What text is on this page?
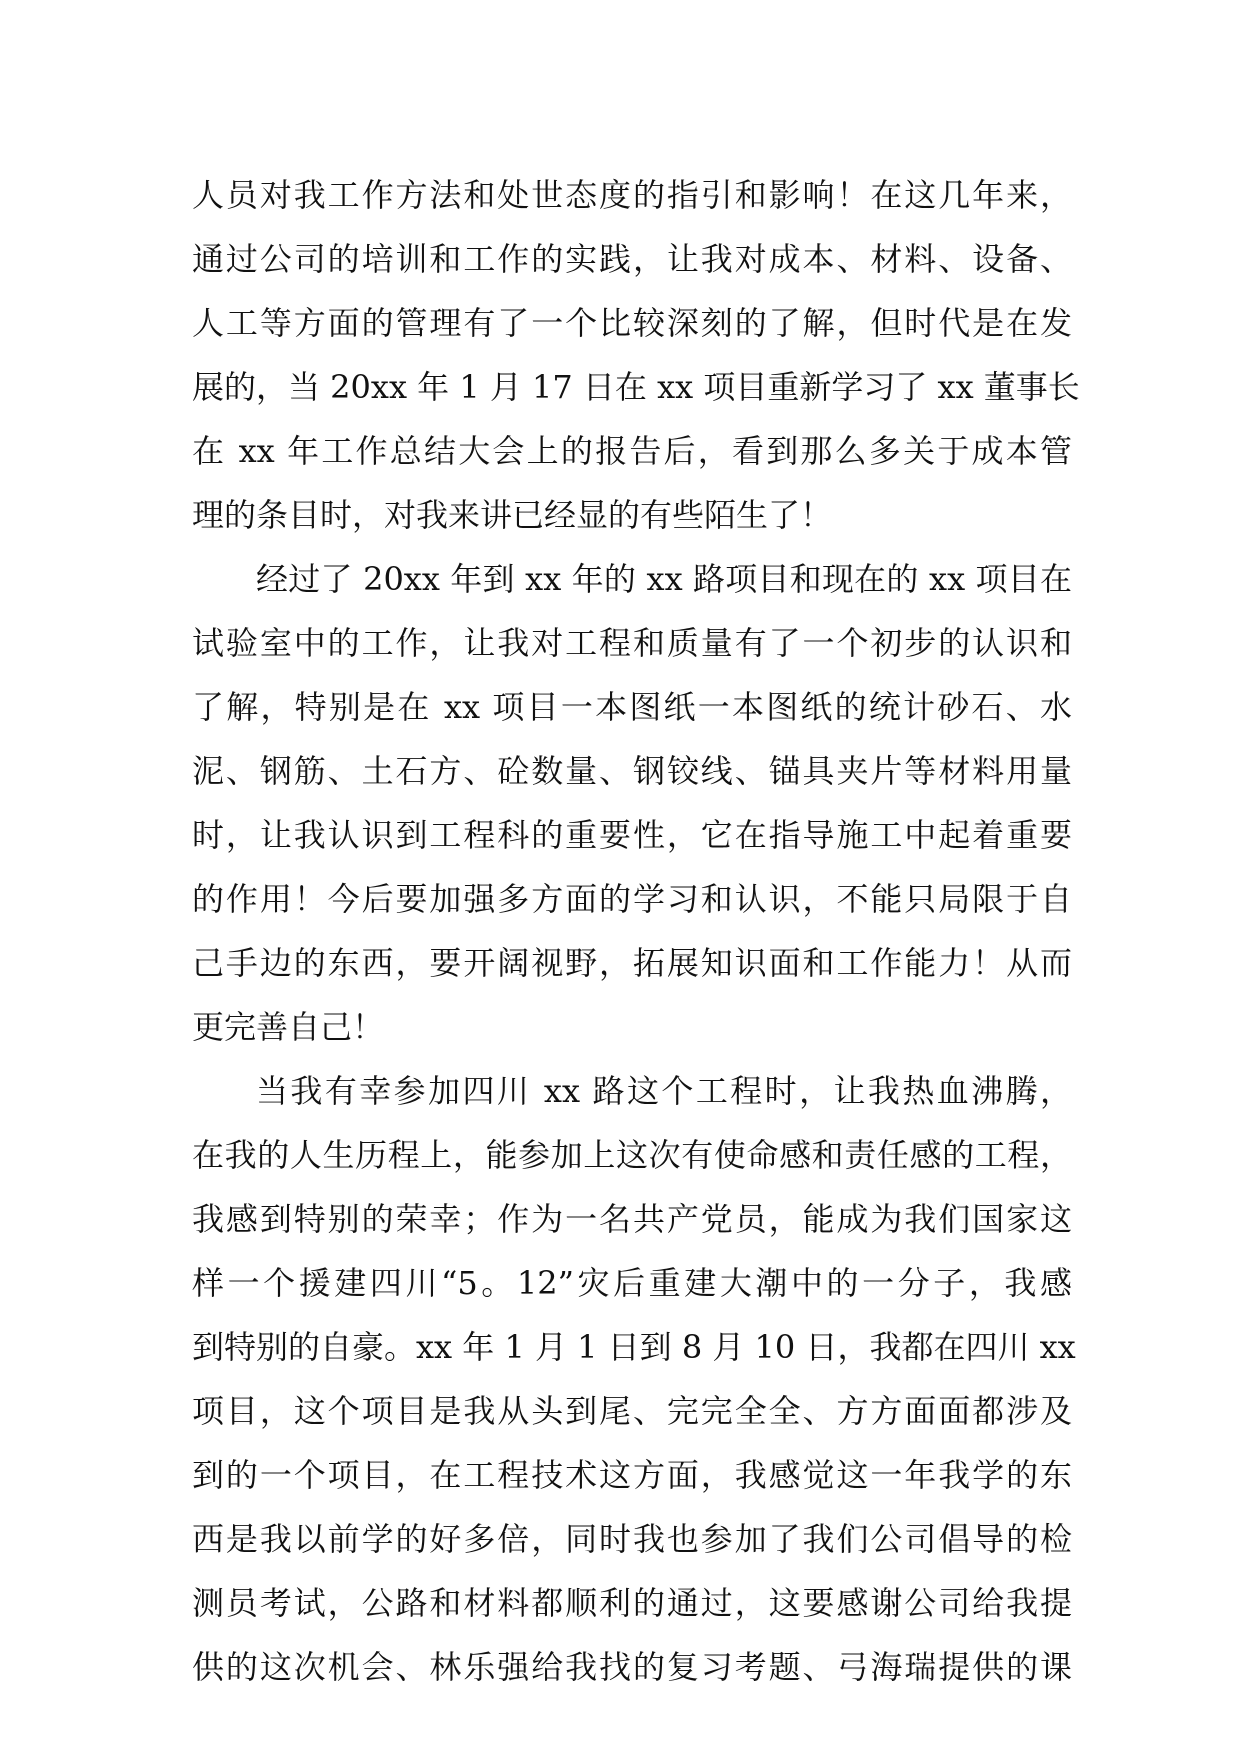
人员对我工作方法和处世态度的指引和影响！在这几年来，
通过公司的培训和工作的实践，让我对成本、材料、设备、
人工等方面的管理有了一个比较深刻的了解，但时代是在发
展的，当 20xx 年 1 月 17 日在 xx 项目重新学习了 xx 董事长
在 xx 年工作总结大会上的报告后，看到那么多关于成本管
理的条目时，对我来讲已经显的有些陌生了！
经过了 20xx 年到 xx 年的 xx 路项目和现在的 xx 项目在
试验室中的工作，让我对工程和质量有了一个初步的认识和
了解，特别是在 xx 项目一本图纸一本图纸的统计砂石、水
泥、钢筋、土石方、砼数量、钢铰线、锚具夹片等材料用量
时，让我认识到工程科的重要性，它在指导施工中起着重要
的作用！今后要加强多方面的学习和认识，不能只局限于自
己手边的东西，要开阔视野，拓展知识面和工作能力！从而
更完善自己！
当我有幸参加四川 xx 路这个工程时，让我热血沸腾，
在我的人生历程上，能参加上这次有使命感和责任感的工程，
我感到特别的荣幸；作为一名共产党员，能成为我们国家这
样一个援建四川“5。12”灾后重建大潮中的一分子，我感
到特别的自豪。xx 年 1 月 1 日到 8 月 10 日，我都在四川 xx
项目，这个项目是我从头到尾、完完全全、方方面面都涉及
到的一个项目，在工程技术这方面，我感觉这一年我学的东
西是我以前学的好多倍，同时我也参加了我们公司倡导的检
测员考试，公路和材料都顺利的通过，这要感谢公司给我提
供的这次机会、林乐强给我找的复习考题、弓海瑞提供的课
